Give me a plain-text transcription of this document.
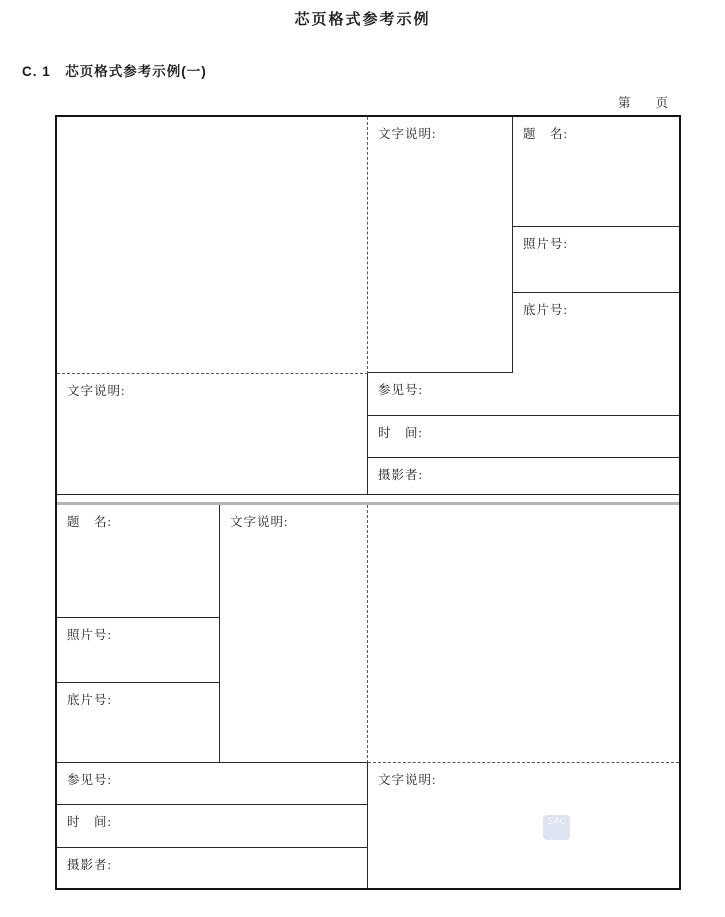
芯页格式参考示例
C. 1　芯页格式参考示例(一)
第　　页
文字说明:	题　名:
照片号:
底片号:
文字说明:	参见号:
时　间:
摄影者:
题　名:
照片号:
底片号:
文字说明:
参见号:
时　间:
摄影者:
文字说明:
SAC
